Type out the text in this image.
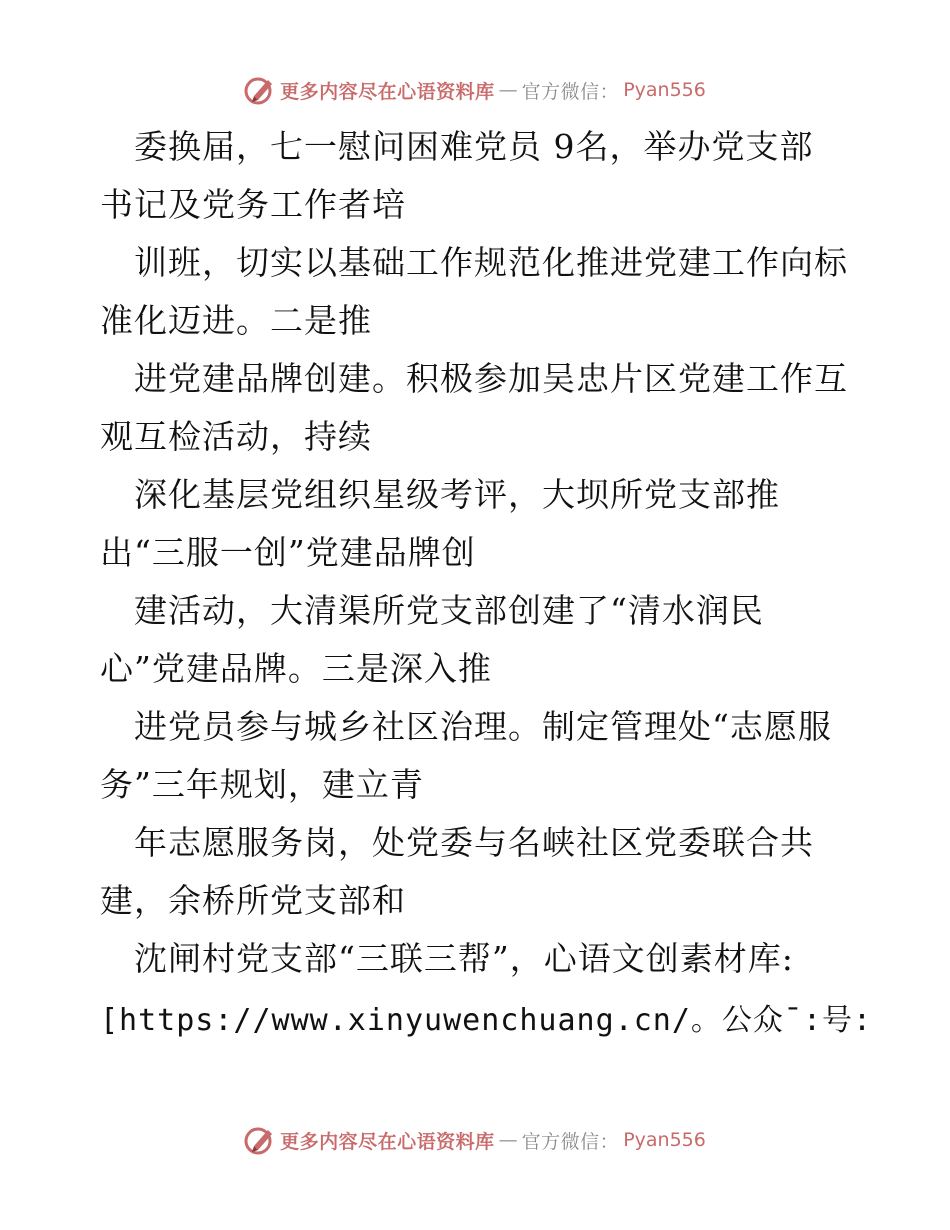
更多内容尽在心语资料库 — 官方微信： Pyan556
委换届，七一慰问困难党员 9名，举办党支部
书记及党务工作者培
训班，切实以基础工作规范化推进党建工作向标
准化迈进。二是推
进党建品牌创建。积极参加吴忠片区党建工作互
观互检活动，持续
深化基层党组织星级考评，大坝所党支部推
出“三服一创”党建品牌创
建活动，大清渠所党支部创建了“清水润民
心”党建品牌。三是深入推
进党员参与城乡社区治理。制定管理处“志愿服
务”三年规划，建立青
年志愿服务岗，处党委与名峡社区党委联合共
建，余桥所党支部和
沈闸村党支部“三联三帮”，心语文创素材库:
[https://www.xinyuwenchuang.cn/。公众¯:号:
更多内容尽在心语资料库 — 官方微信： Pyan556
